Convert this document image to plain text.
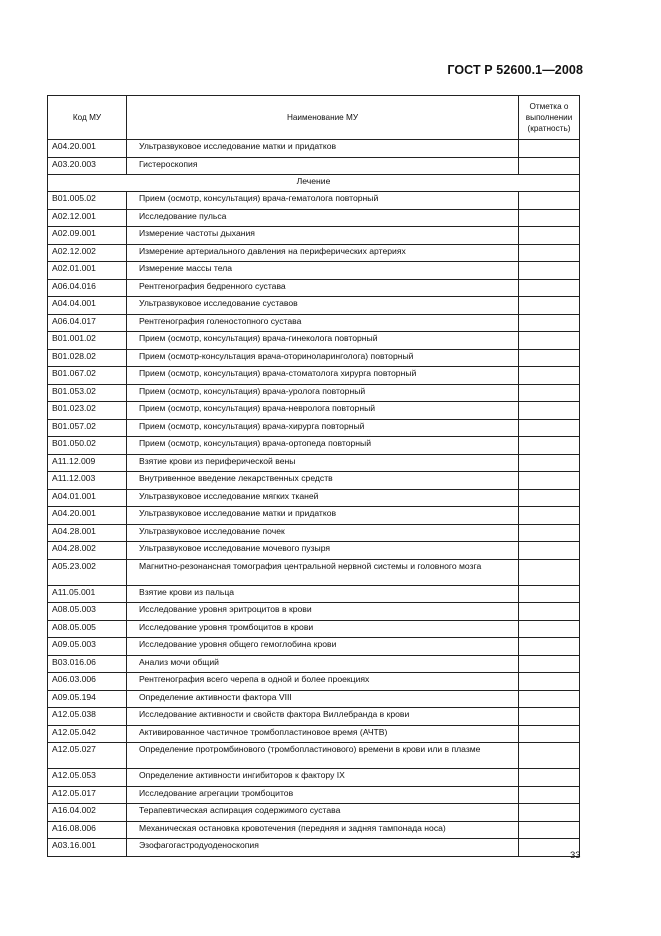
ГОСТ Р 52600.1—2008
Код МУ	Наименование МУ	Отметка о
выполнении
(кратность)

A04.20.001	Ультразвуковое исследование матки и придатков	
A03.20.003	Гистероскопия	
Лечение		
B01.005.02	Прием (осмотр, консультация) врача-гематолога повторный	
A02.12.001	Исследование пульса	
A02.09.001	Измерение частоты дыхания	
A02.12.002	Измерение артериального давления на периферических артериях	
A02.01.001	Измерение массы тела	
A06.04.016	Рентгенография бедренного сустава	
A04.04.001	Ультразвуковое исследование суставов	
A06.04.017	Рентгенография голеностопного сустава	
B01.001.02	Прием (осмотр, консультация) врача-гинеколога повторный	
B01.028.02	Прием (осмотр-консультация врача-оториноларинголога) повторный	
B01.067.02	Прием (осмотр, консультация) врача-стоматолога хирурга повторный	
B01.053.02	Прием (осмотр, консультация) врача-уролога повторный	
B01.023.02	Прием (осмотр, консультация) врача-невролога повторный	
B01.057.02	Прием (осмотр, консультация) врача-хирурга повторный	
B01.050.02	Прием (осмотр, консультация) врача-ортопеда повторный	
A11.12.009	Взятие крови из периферической вены	
A11.12.003	Внутривенное введение лекарственных средств	
A04.01.001	Ультразвуковое исследование мягких тканей	
A04.20.001	Ультразвуковое исследование матки и придатков	
A04.28.001	Ультразвуковое исследование почек	
A04.28.002	Ультразвуковое исследование мочевого пузыря	
A05.23.002	Магнитно-резонансная томография центральной нервной системы и головного мозга	
A11.05.001	Взятие крови из пальца	
A08.05.003	Исследование уровня эритроцитов в крови	
A08.05.005	Исследование уровня тромбоцитов в крови	
A09.05.003	Исследование уровня общего гемоглобина крови	
B03.016.06	Анализ мочи общий	
A06.03.006	Рентгенография всего черепа в одной и более проекциях	
A09.05.194	Определение активности фактора VIII	
A12.05.038	Исследование активности и свойств фактора Виллебранда в крови	
A12.05.042	Активированное частичное тромбопластиновое время (АЧТВ)	
A12.05.027	Определение протромбинового (тромбопластинового) времени в крови или в плазме	
A12.05.053	Определение активности ингибиторов к фактору IX	
A12.05.017	Исследование агрегации тромбоцитов	
A16.04.002	Терапевтическая аспирация содержимого сустава	
A16.08.006	Механическая остановка кровотечения (передняя и задняя тампонада носа)	
A03.16.001	Эзофагогастродуоденоскопия	
33
